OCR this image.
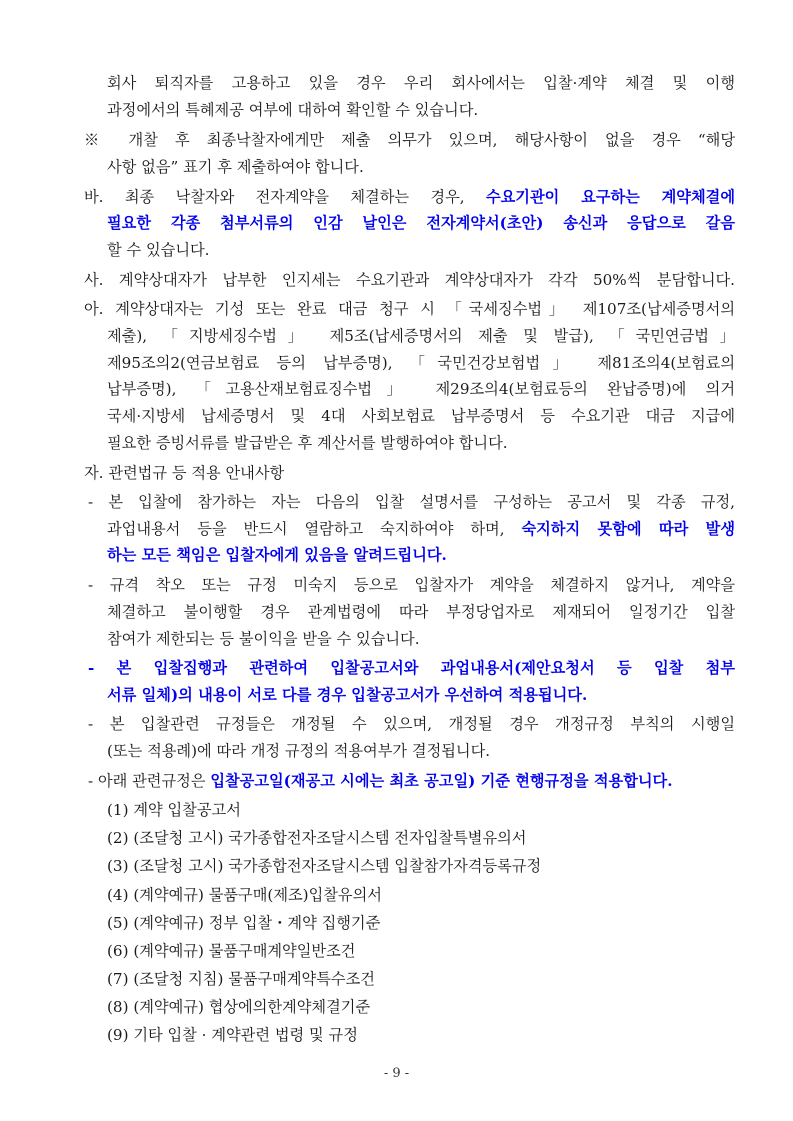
회사 퇴직자를 고용하고 있을 경우 우리 회사에서는 입찰·계약 체결 및 이행
과정에서의 특혜제공 여부에 대하여 확인할 수 있습니다.
※ 개찰 후 최종낙찰자에게만 제출 의무가 있으며, 해당사항이 없을 경우 “해당
사항 없음” 표기 후 제출하여야 합니다.
바. 최종 낙찰자와 전자계약을 체결하는 경우, 수요기관이 요구하는 계약체결에
필요한 각종 첨부서류의 인감 날인은 전자계약서(초안) 송신과 응답으로 갈음
할 수 있습니다.
사. 계약상대자가 납부한 인지세는 수요기관과 계약상대자가 각각 50%씩 분담합니다.
아. 계약상대자는 기성 또는 완료 대금 청구 시 「국세징수법」 제107조(납세증명서의
제출), 「지방세징수법」 제5조(납세증명서의 제출 및 발급), 「국민연금법」
제95조의2(연금보험료 등의 납부증명), 「국민건강보험법」 제81조의4(보험료의
납부증명), 「고용산재보험료징수법」 제29조의4(보험료등의 완납증명)에 의거
국세·지방세 납세증명서 및 4대 사회보험료 납부증명서 등 수요기관 대금 지급에
필요한 증빙서류를 발급받은 후 계산서를 발행하여야 합니다.
자. 관련법규 등 적용 안내사항
- 본 입찰에 참가하는 자는 다음의 입찰 설명서를 구성하는 공고서 및 각종 규정,
과업내용서 등을 반드시 열람하고 숙지하여야 하며, 숙지하지 못함에 따라 발생
하는 모든 책임은 입찰자에게 있음을 알려드립니다.
- 규격 착오 또는 규정 미숙지 등으로 입찰자가 계약을 체결하지 않거나, 계약을
체결하고 불이행할 경우 관계법령에 따라 부정당업자로 제재되어 일정기간 입찰
참여가 제한되는 등 불이익을 받을 수 있습니다.
- 본 입찰집행과 관련하여 입찰공고서와 과업내용서(제안요청서 등 입찰 첨부
서류 일체)의 내용이 서로 다를 경우 입찰공고서가 우선하여 적용됩니다.
- 본 입찰관련 규정들은 개정될 수 있으며, 개정될 경우 개정규정 부칙의 시행일
(또는 적용례)에 따라 개정 규정의 적용여부가 결정됩니다.
- 아래 관련규정은 입찰공고일(재공고 시에는 최초 공고일) 기준 현행규정을 적용합니다.
(1) 계약 입찰공고서
(2) (조달청 고시) 국가종합전자조달시스템 전자입찰특별유의서
(3) (조달청 고시) 국가종합전자조달시스템 입찰참가자격등록규정
(4) (계약예규) 물품구매(제조)입찰유의서
(5) (계약예규) 정부 입찰・계약 집행기준
(6) (계약예규) 물품구매계약일반조건
(7) (조달청 지침) 물품구매계약특수조건
(8) (계약예규) 협상에의한계약체결기준
(9) 기타 입찰 · 계약관련 법령 및 규정
- 9 -
